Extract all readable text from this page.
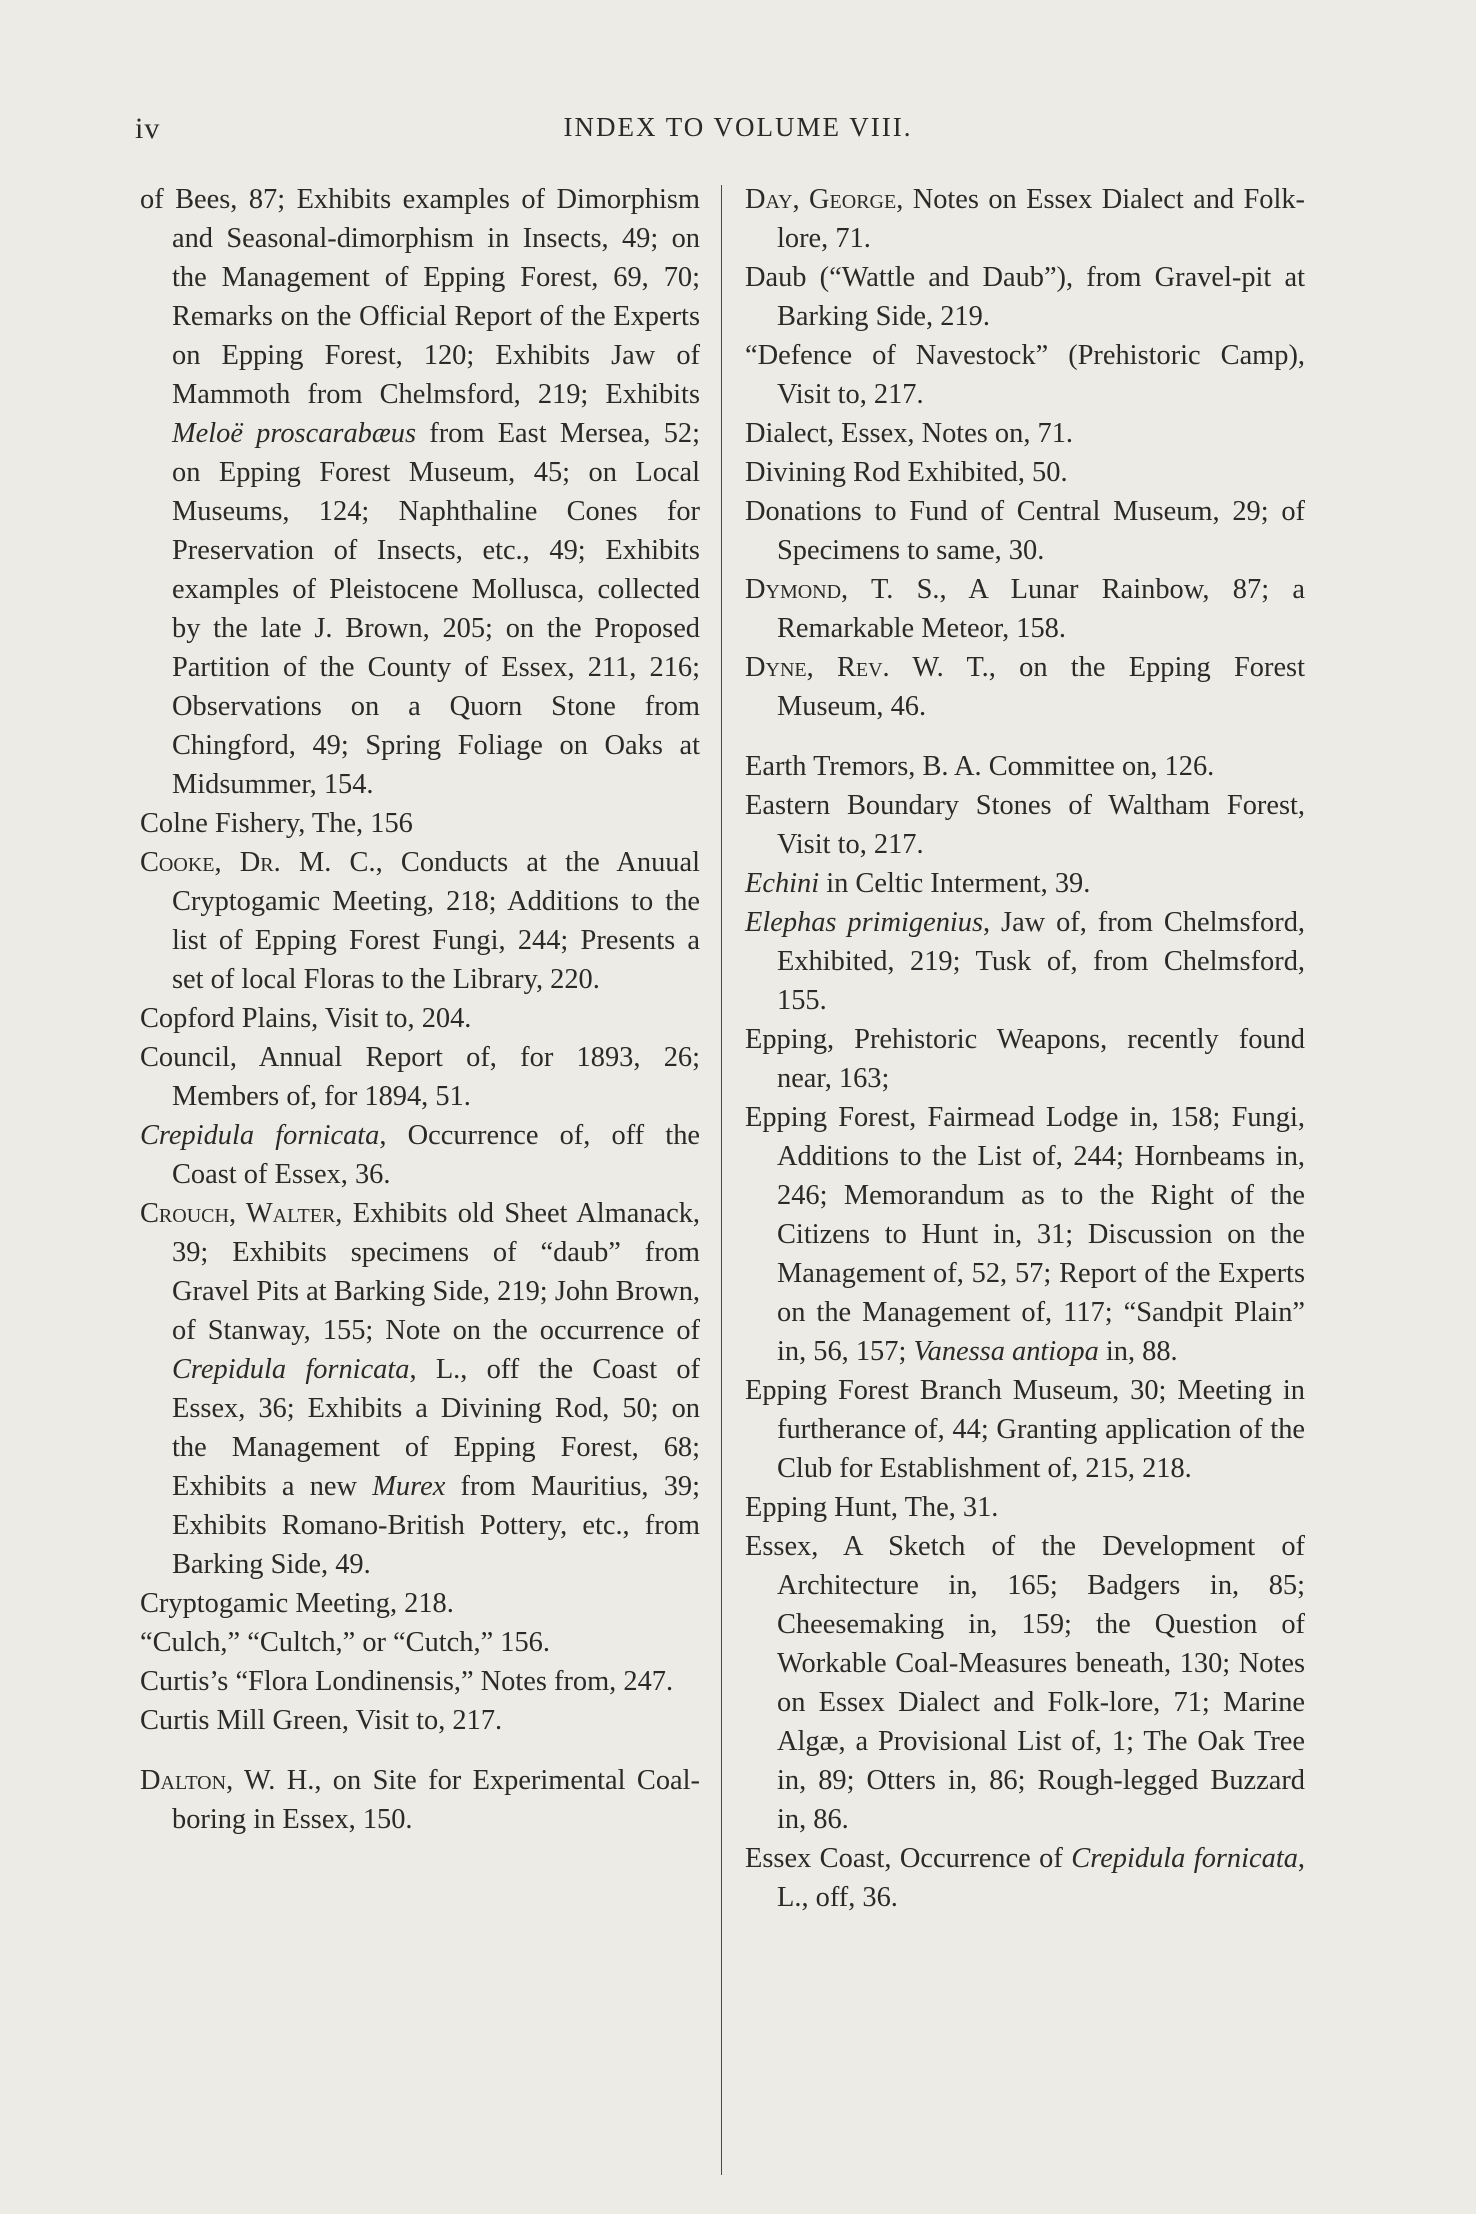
iv	INDEX TO VOLUME VIII.

of Bees, 87; Exhibits examples of Dimorphism and Seasonal-dimorphism in Insects, 49; on the Management of Epping Forest, 69, 70; Remarks on the Official Report of the Experts on Epping Forest, 120; Exhibits Jaw of Mammoth from Chelmsford, 219; Exhibits Meloë proscarabæus from East Mersea, 52; on Epping Forest Museum, 45; on Local Museums, 124; Naphthaline Cones for Preservation of Insects, etc., 49; Exhibits examples of Pleistocene Mollusca, collected by the late J. Brown, 205; on the Proposed Partition of the County of Essex, 211, 216; Observations on a Quorn Stone from Chingford, 49; Spring Foliage on Oaks at Midsummer, 154.

Colne Fishery, The, 156

Cooke, Dr. M. C., Conducts at the Anuual Cryptogamic Meeting, 218; Additions to the list of Epping Forest Fungi, 244; Presents a set of local Floras to the Library, 220.

Copford Plains, Visit to, 204.

Council, Annual Report of, for 1893, 26; Members of, for 1894, 51.

Crepidula fornicata, Occurrence of, off the Coast of Essex, 36.

Crouch, Walter, Exhibits old Sheet Almanack, 39; Exhibits specimens of “daub” from Gravel Pits at Barking Side, 219; John Brown, of Stanway, 155; Note on the occurrence of Crepidula fornicata, L., off the Coast of Essex, 36; Exhibits a Divining Rod, 50; on the Management of Epping Forest, 68; Exhibits a new Murex from Mauritius, 39; Exhibits Romano-British Pottery, etc., from Barking Side, 49.

Cryptogamic Meeting, 218.

“Culch,” “Cultch,” or “Cutch,” 156.

Curtis’s “Flora Londinensis,” Notes from, 247.

Curtis Mill Green, Visit to, 217.

Dalton, W. H., on Site for Experimental Coal-boring in Essex, 150.

Day, George, Notes on Essex Dialect and Folk-lore, 71.

Daub (“Wattle and Daub”), from Gravel-pit at Barking Side, 219.

“Defence of Navestock” (Prehistoric Camp), Visit to, 217.

Dialect, Essex, Notes on, 71.

Divining Rod Exhibited, 50.

Donations to Fund of Central Museum, 29; of Specimens to same, 30.

Dymond, T. S., A Lunar Rainbow, 87; a Remarkable Meteor, 158.

Dyne, Rev. W. T., on the Epping Forest Museum, 46.

Earth Tremors, B. A. Committee on, 126.

Eastern Boundary Stones of Waltham Forest, Visit to, 217.

Echini in Celtic Interment, 39.

Elephas primigenius, Jaw of, from Chelmsford, Exhibited, 219; Tusk of, from Chelmsford, 155.

Epping, Prehistoric Weapons, recently found near, 163;

Epping Forest, Fairmead Lodge in, 158; Fungi, Additions to the List of, 244; Hornbeams in, 246; Memorandum as to the Right of the Citizens to Hunt in, 31; Discussion on the Management of, 52, 57; Report of the Experts on the Management of, 117; “Sandpit Plain” in, 56, 157; Vanessa antiopa in, 88.

Epping Forest Branch Museum, 30; Meeting in furtherance of, 44; Granting application of the Club for Establishment of, 215, 218.

Epping Hunt, The, 31.

Essex, A Sketch of the Development of Architecture in, 165; Badgers in, 85; Cheesemaking in, 159; the Question of Workable Coal-Measures beneath, 130; Notes on Essex Dialect and Folk-lore, 71; Marine Algæ, a Provisional List of, 1; The Oak Tree in, 89; Otters in, 86; Rough-legged Buzzard in, 86.

Essex Coast, Occurrence of Crepidula fornicata, L., off, 36.
